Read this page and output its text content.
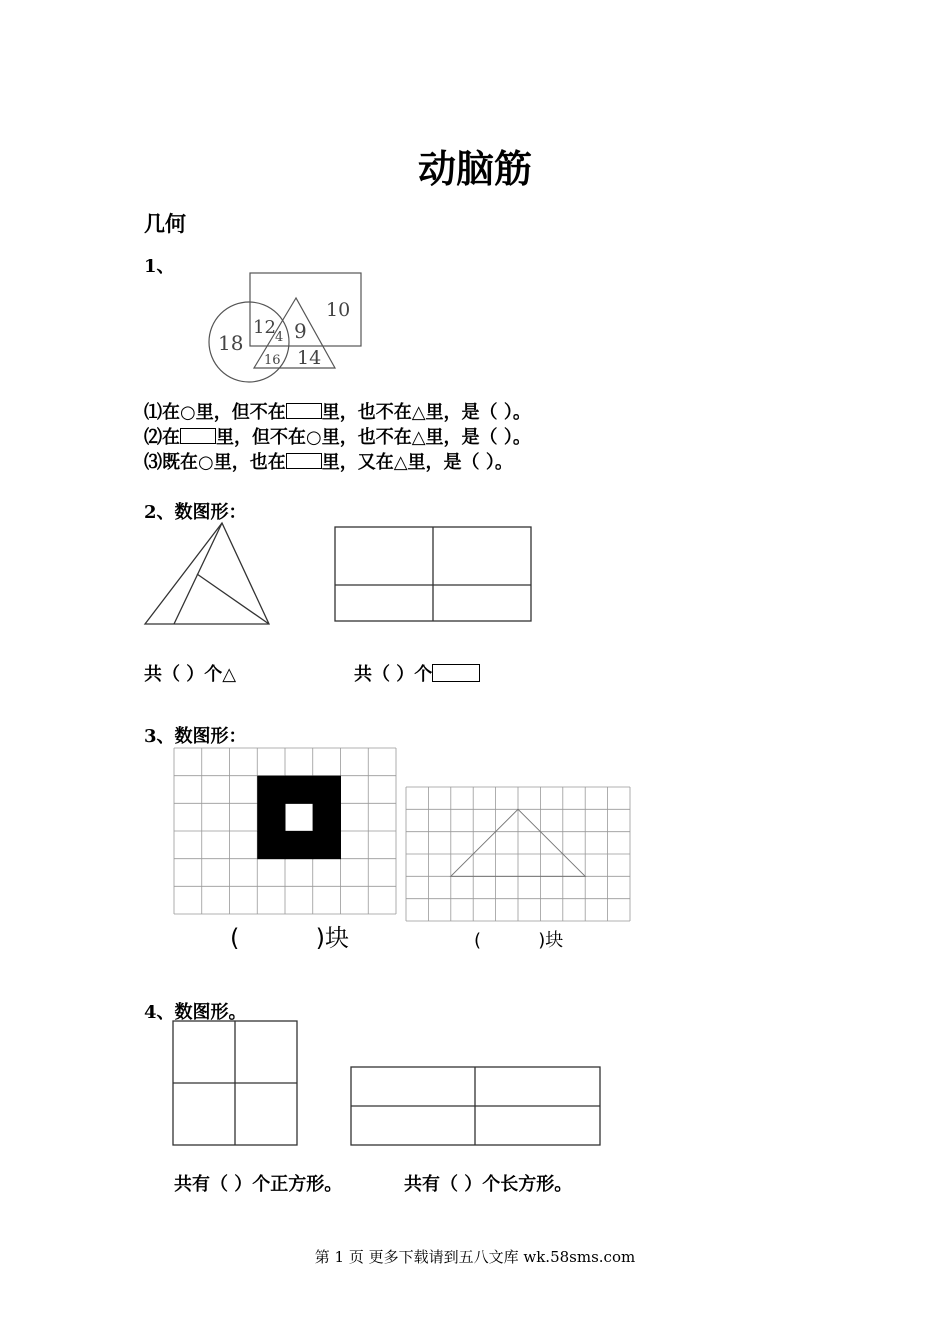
动脑筋
几何
1、
18
12 4 9
10
16 14
⑴在○里，但不在 里，也不在△里，是（ ）。
⑵在 里，但不在○里，也不在△里，是（ ）。
⑶既在○里，也在 里，又在△里，是（ ）。
2、数图形：
共（ ）个△	共（ ）个
3、数图形：
(          )块	(          )块
4、数图形。
共有（ ）个正方形。	共有（ ）个长方形。
第 1 页 更多下载请到五八文库 wk.58sms.com
